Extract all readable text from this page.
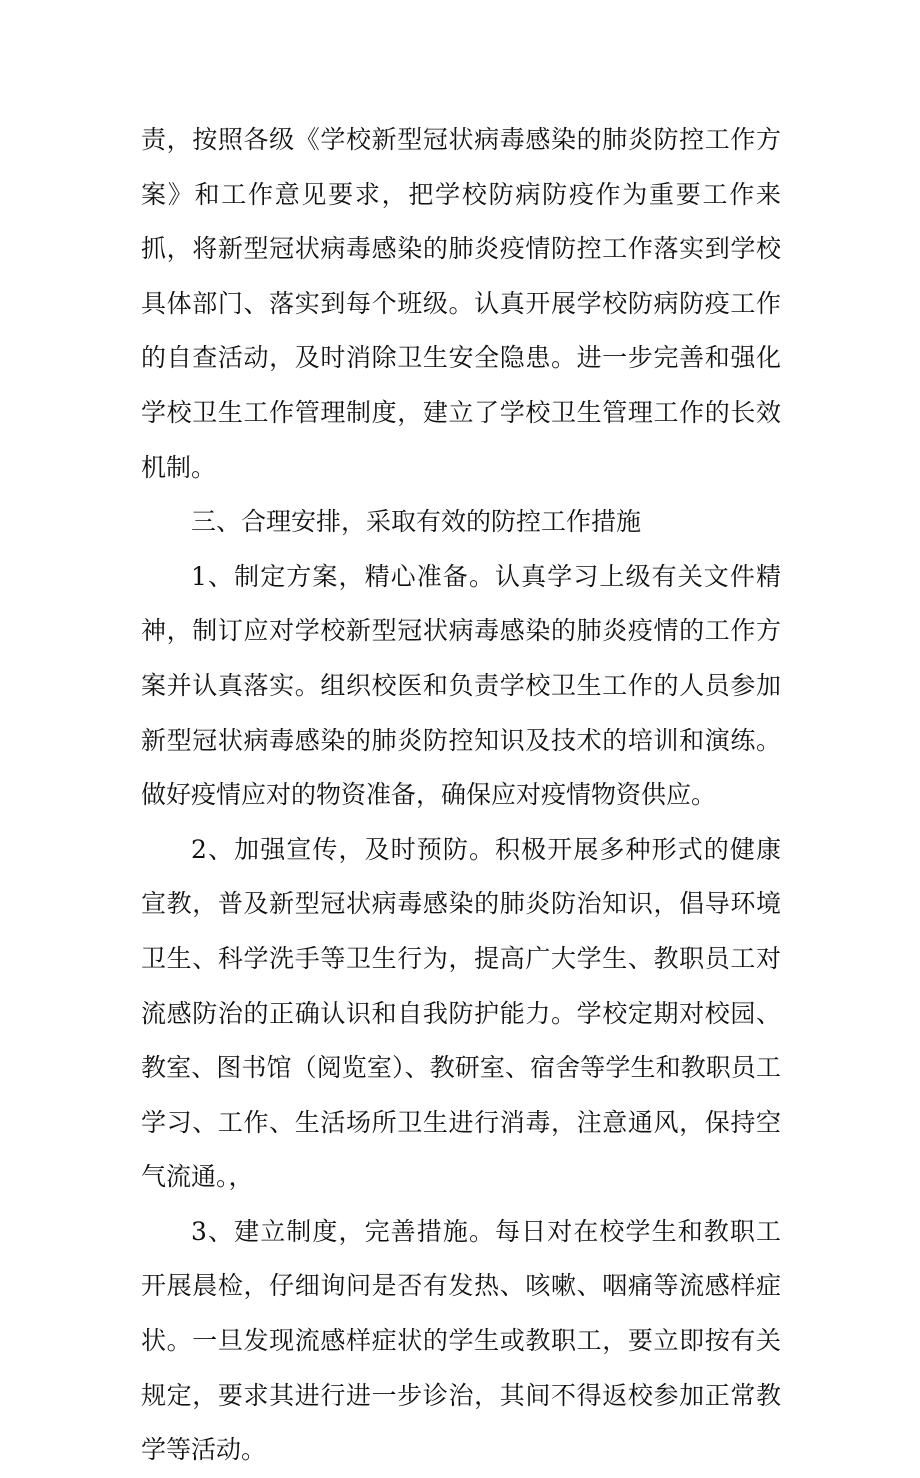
责，按照各级《学校新型冠状病毒感染的肺炎防控工作方案》和工作意见要求，把学校防病防疫作为重要工作来抓，将新型冠状病毒感染的肺炎疫情防控工作落实到学校具体部门、落实到每个班级。认真开展学校防病防疫工作的自查活动，及时消除卫生安全隐患。进一步完善和强化学校卫生工作管理制度，建立了学校卫生管理工作的长效机制。

三、合理安排，采取有效的防控工作措施

1、制定方案，精心准备。认真学习上级有关文件精神，制订应对学校新型冠状病毒感染的肺炎疫情的工作方案并认真落实。组织校医和负责学校卫生工作的人员参加新型冠状病毒感染的肺炎防控知识及技术的培训和演练。做好疫情应对的物资准备，确保应对疫情物资供应。

2、加强宣传，及时预防。积极开展多种形式的健康宣教，普及新型冠状病毒感染的肺炎防治知识，倡导环境卫生、科学洗手等卫生行为，提高广大学生、教职员工对流感防治的正确认识和自我防护能力。学校定期对校园、教室、图书馆（阅览室）、教研室、宿舍等学生和教职员工学习、工作、生活场所卫生进行消毒，注意通风，保持空气流通。，

3、建立制度，完善措施。每日对在校学生和教职工开展晨检，仔细询问是否有发热、咳嗽、咽痛等流感样症状。一旦发现流感样症状的学生或教职工，要立即按有关规定，要求其进行进一步诊治，其间不得返校参加正常教学等活动。
